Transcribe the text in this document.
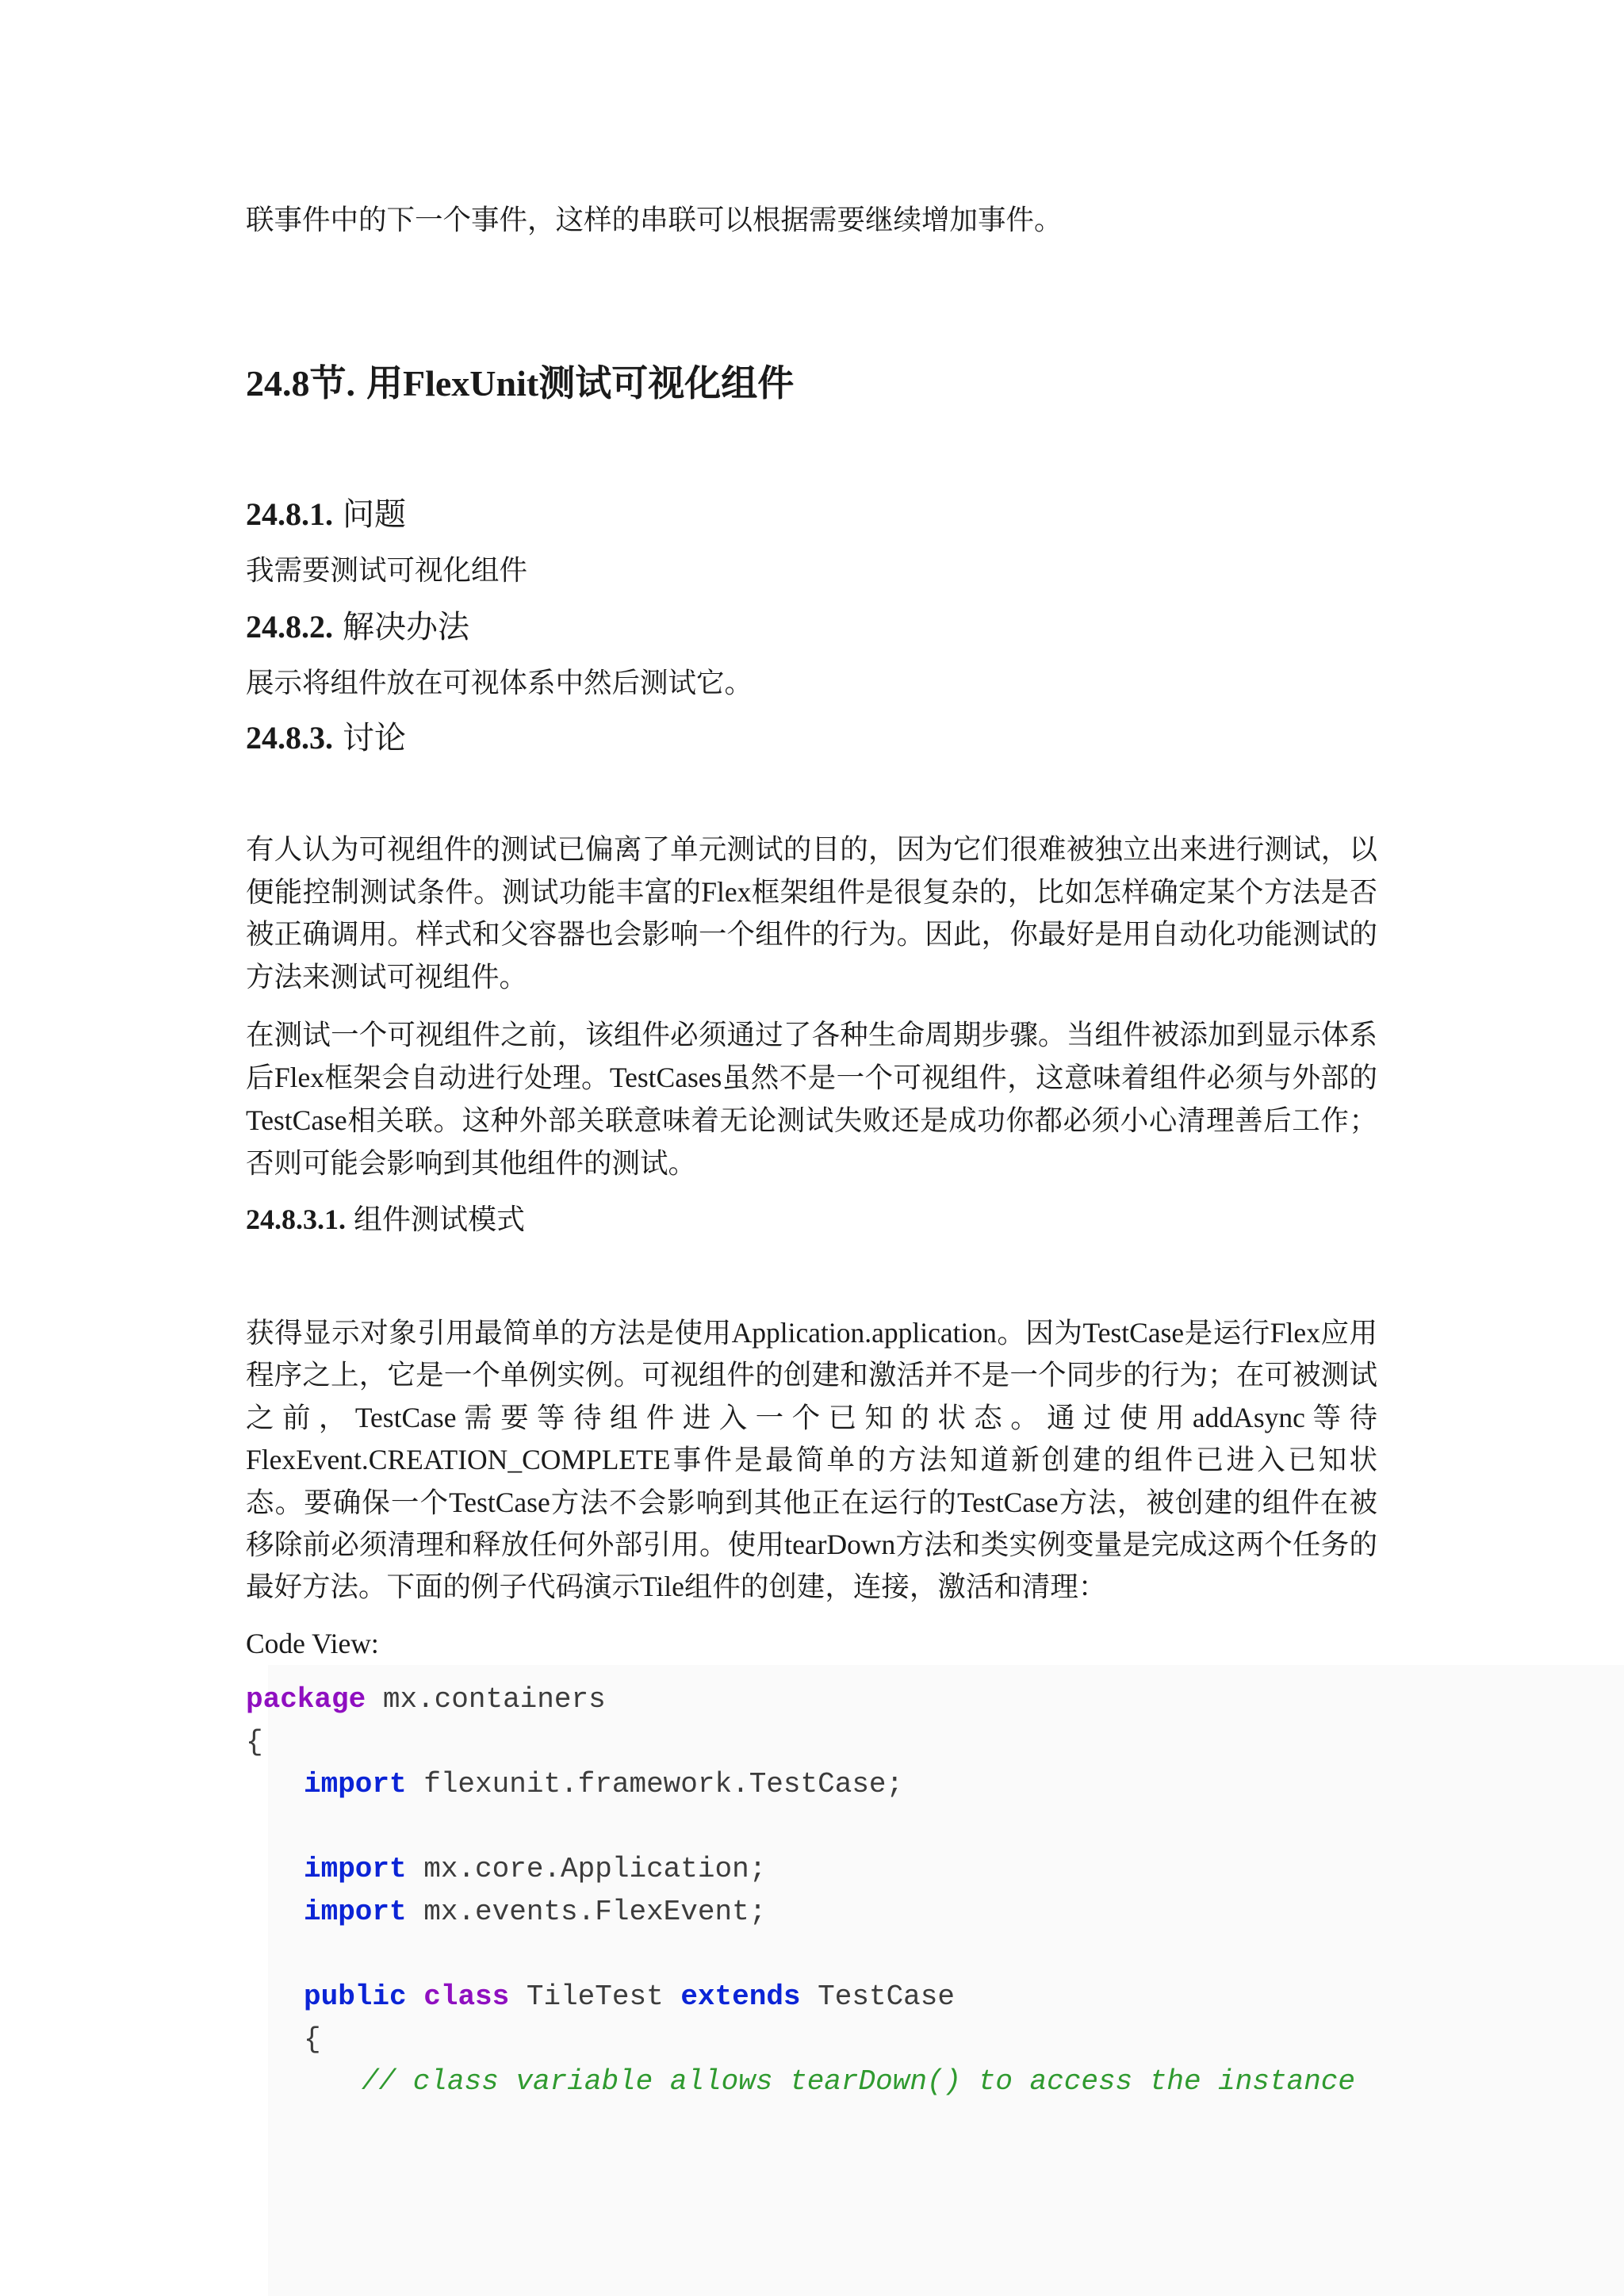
联事件中的下一个事件，这样的串联可以根据需要继续增加事件。
24.8节. 用FlexUnit测试可视化组件
24.8.1. 问题
我需要测试可视化组件
24.8.2. 解决办法
展示将组件放在可视体系中然后测试它。
24.8.3. 讨论
有人认为可视组件的测试已偏离了单元测试的目的，因为它们很难被独立出来进行测试，以
便能控制测试条件。测试功能丰富的Flex框架组件是很复杂的，比如怎样确定某个方法是否
被正确调用。样式和父容器也会影响一个组件的行为。因此，你最好是用自动化功能测试的
方法来测试可视组件。
在测试一个可视组件之前，该组件必须通过了各种生命周期步骤。当组件被添加到显示体系
后Flex框架会自动进行处理。TestCases虽然不是一个可视组件，这意味着组件必须与外部的
TestCase相关联。这种外部关联意味着无论测试失败还是成功你都必须小心清理善后工作；
否则可能会影响到其他组件的测试。
24.8.3.1. 组件测试模式
获得显示对象引用最简单的方法是使用Application.application。因为TestCase是运行Flex应用
程序之上，它是一个单例实例。可视组件的创建和激活并不是一个同步的行为；在可被测试
之 前 ， TestCase 需 要 等 待 组 件 进 入 一 个 已 知 的 状 态 。 通 过 使 用 addAsync 等 待
FlexEvent.CREATION_COMPLETE事件是最简单的方法知道新创建的组件已进入已知状
态。要确保一个TestCase方法不会影响到其他正在运行的TestCase方法，被创建的组件在被
移除前必须清理和释放任何外部引用。使用tearDown方法和类实例变量是完成这两个任务的
最好方法。下面的例子代码演示Tile组件的创建，连接，激活和清理：
Code View:
package mx.containers
{
import flexunit.framework.TestCase;
import mx.core.Application;
import mx.events.FlexEvent;
public class TileTest extends TestCase
{
// class variable allows tearDown() to access the instance
